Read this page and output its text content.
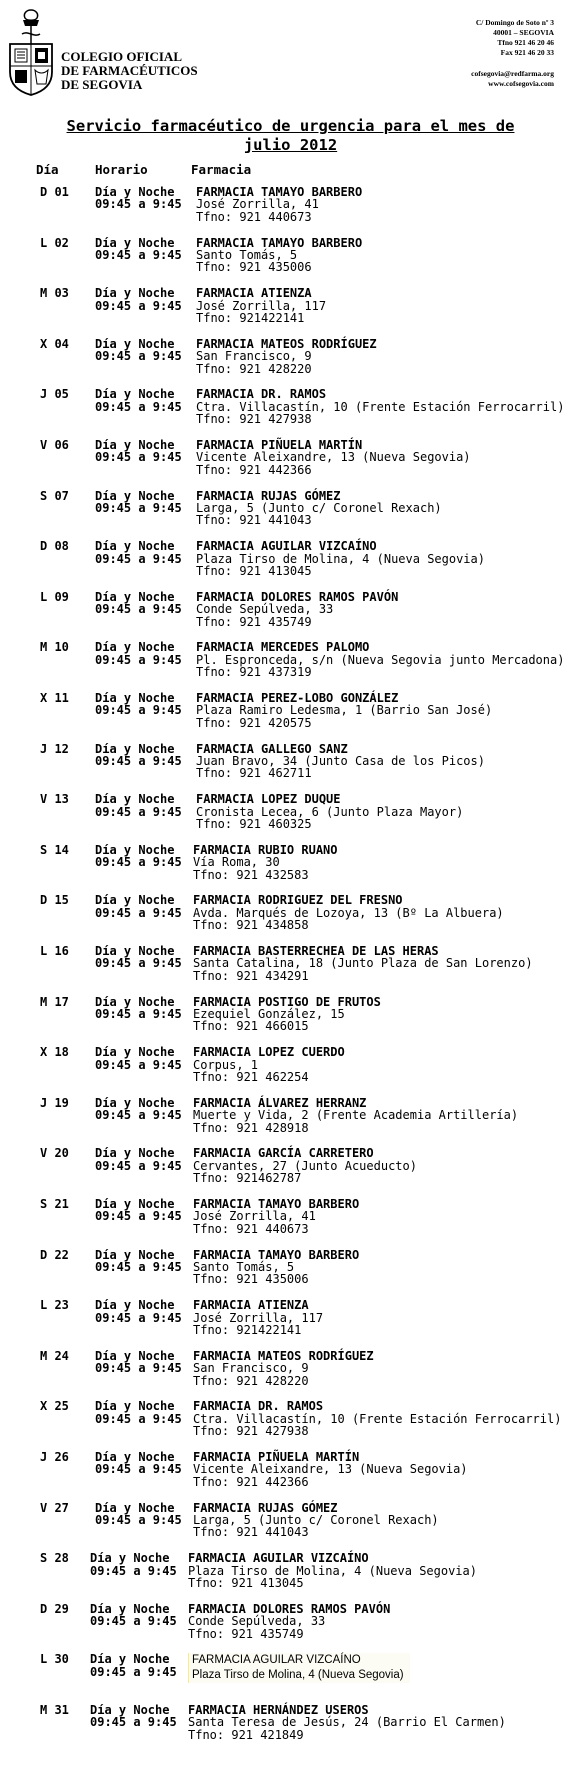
COLEGIO OFICIAL
DE FARMACÉUTICOS
DE SEGOVIA
C/ Domingo de Soto nº 3
40001 – SEGOVIA
Tfno 921 46 20 46
Fax 921 46 20 33
cofsegovia@redfarma.org
www.cofsegovia.com
Servicio farmacéutico de urgencia para el mes de julio 2012
Día	Horario	Farmacia
D 01 Día y Noche
09:45 a 9:45
FARMACIA TAMAYO BARBERO
José Zorrilla, 41
Tfno: 921 440673
L 02 Día y Noche
09:45 a 9:45
FARMACIA TAMAYO BARBERO
Santo Tomás, 5
Tfno: 921 435006
M 03 Día y Noche
09:45 a 9:45
FARMACIA ATIENZA
José Zorrilla, 117
Tfno: 921422141
X 04 Día y Noche
09:45 a 9:45
FARMACIA MATEOS RODRÍGUEZ
San Francisco, 9
Tfno: 921 428220
J 05 Día y Noche
09:45 a 9:45
FARMACIA DR. RAMOS
Ctra. Villacastín, 10 (Frente Estación Ferrocarril)
Tfno: 921 427938
V 06 Día y Noche
09:45 a 9:45
FARMACIA PIÑUELA MARTÍN
Vicente Aleixandre, 13 (Nueva Segovia)
Tfno: 921 442366
S 07 Día y Noche
09:45 a 9:45
FARMACIA RUJAS GÓMEZ
Larga, 5 (Junto c/ Coronel Rexach)
Tfno: 921 441043
D 08 Día y Noche
09:45 a 9:45
FARMACIA AGUILAR VIZCAÍNO
Plaza Tirso de Molina, 4 (Nueva Segovia)
Tfno: 921 413045
L 09 Día y Noche
09:45 a 9:45
FARMACIA DOLORES RAMOS PAVÓN
Conde Sepúlveda, 33
Tfno: 921 435749
M 10 Día y Noche
09:45 a 9:45
FARMACIA MERCEDES PALOMO
Pl. Espronceda, s/n (Nueva Segovia junto Mercadona)
Tfno: 921 437319
X 11 Día y Noche
09:45 a 9:45
FARMACIA PEREZ-LOBO GONZÁLEZ
Plaza Ramiro Ledesma, 1 (Barrio San José)
Tfno: 921 420575
J 12 Día y Noche
09:45 a 9:45
FARMACIA GALLEGO SANZ
Juan Bravo, 34 (Junto Casa de los Picos)
Tfno: 921 462711
V 13 Día y Noche
09:45 a 9:45
FARMACIA LOPEZ DUQUE
Cronista Lecea, 6 (Junto Plaza Mayor)
Tfno: 921 460325
S 14 Día y Noche
09:45 a 9:45
FARMACIA RUBIO RUANO
Vía Roma, 30
Tfno: 921 432583
D 15 Día y Noche
09:45 a 9:45
FARMACIA RODRIGUEZ DEL FRESNO
Avda. Marqués de Lozoya, 13 (Bº La Albuera)
Tfno: 921 434858
L 16 Día y Noche
09:45 a 9:45
FARMACIA BASTERRECHEA DE LAS HERAS
Santa Catalina, 18 (Junto Plaza de San Lorenzo)
Tfno: 921 434291
M 17 Día y Noche
09:45 a 9:45
FARMACIA POSTIGO DE FRUTOS
Ezequiel González, 15
Tfno: 921 466015
X 18 Día y Noche
09:45 a 9:45
FARMACIA LOPEZ CUERDO
Corpus, 1
Tfno: 921 462254
J 19 Día y Noche
09:45 a 9:45
FARMACIA ÁLVAREZ HERRANZ
Muerte y Vida, 2 (Frente Academia Artillería)
Tfno: 921 428918
V 20 Día y Noche
09:45 a 9:45
FARMACIA GARCÍA CARRETERO
Cervantes, 27 (Junto Acueducto)
Tfno: 921462787
S 21 Día y Noche
09:45 a 9:45
FARMACIA TAMAYO BARBERO
José Zorrilla, 41
Tfno: 921 440673
D 22 Día y Noche
09:45 a 9:45
FARMACIA TAMAYO BARBERO
Santo Tomás, 5
Tfno: 921 435006
L 23 Día y Noche
09:45 a 9:45
FARMACIA ATIENZA
José Zorrilla, 117
Tfno: 921422141
M 24 Día y Noche
09:45 a 9:45
FARMACIA MATEOS RODRÍGUEZ
San Francisco, 9
Tfno: 921 428220
X 25 Día y Noche
09:45 a 9:45
FARMACIA DR. RAMOS
Ctra. Villacastín, 10 (Frente Estación Ferrocarril)
Tfno: 921 427938
J 26 Día y Noche
09:45 a 9:45
FARMACIA PIÑUELA MARTÍN
Vicente Aleixandre, 13 (Nueva Segovia)
Tfno: 921 442366
V 27 Día y Noche
09:45 a 9:45
FARMACIA RUJAS GÓMEZ
Larga, 5 (Junto c/ Coronel Rexach)
Tfno: 921 441043
S 28 Día y Noche
09:45 a 9:45
FARMACIA AGUILAR VIZCAÍNO
Plaza Tirso de Molina, 4 (Nueva Segovia)
Tfno: 921 413045
D 29 Día y Noche
09:45 a 9:45
FARMACIA DOLORES RAMOS PAVÓN
Conde Sepúlveda, 33
Tfno: 921 435749
L 30 Día y Noche
09:45 a 9:45
FARMACIA AGUILAR VIZCAÍNO
Plaza Tirso de Molina, 4 (Nueva Segovia)
M 31 Día y Noche
09:45 a 9:45
FARMACIA HERNÁNDEZ USEROS
Santa Teresa de Jesús, 24 (Barrio El Carmen)
Tfno: 921 421849
